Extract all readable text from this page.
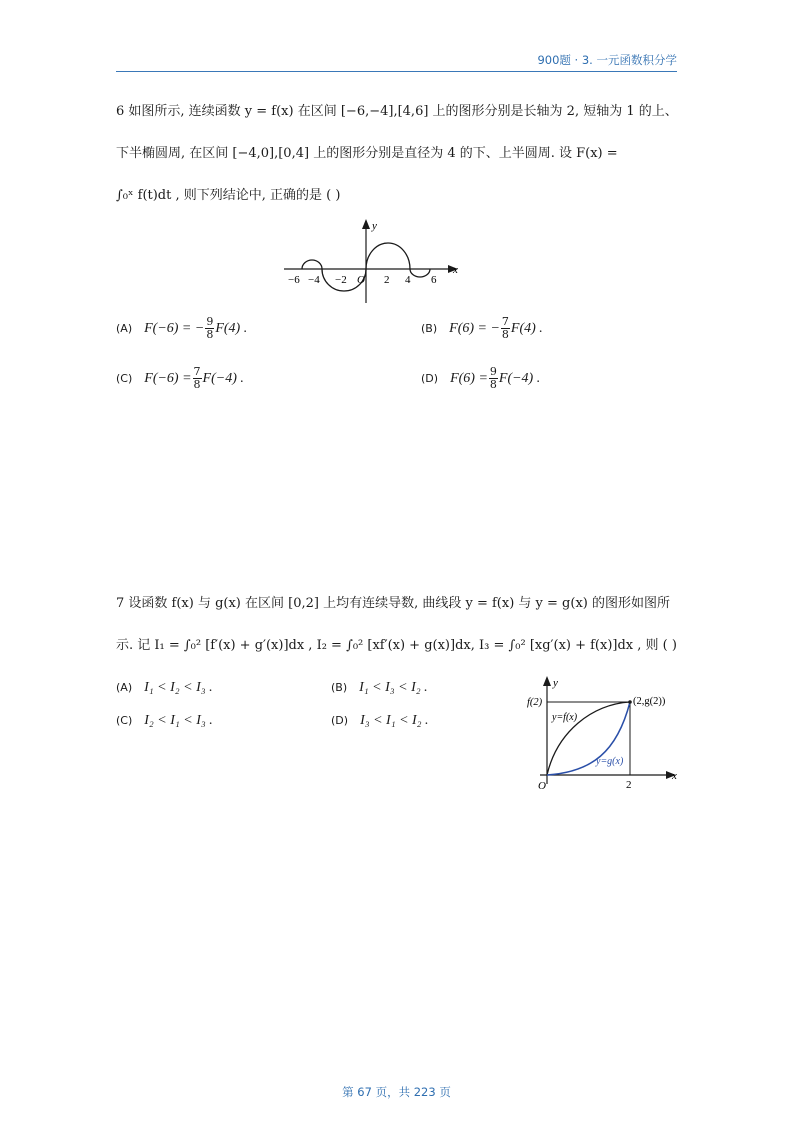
900题 · 3. 一元函数积分学
6 如图所示, 连续函数 y = f(x) 在区间 [−6,−4],[4,6] 上的图形分别是长轴为 2, 短轴为 1 的上、
下半椭圆周, 在区间 [−4,0],[0,4] 上的图形分别是直径为 4 的下、上半圆周. 设 F(x) =
∫₀ˣ f(t)dt , 则下列结论中, 正确的是 ( )
y
x
O
−6 −4 −2	2 4 6
(A) F(−6) = − $\frac{9}{8} F(4)$ .	(B) F(6) = − $\frac{7}{8} F(4)$ .
(C) $F(-6) = \frac{7}{8} F(-4)$ .	(D) $F(6) = \frac{9}{8} F(-4)$ .
7 设函数 f(x) 与 g(x) 在区间 [0,2] 上均有连续导数, 曲线段 y = f(x) 与 y = g(x) 的图形如图所
示. 记 I₁ = ∫₀² [f′(x) + g′(x)]dx , I₂ = ∫₀² [xf′(x) + g(x)]dx, I₃ = ∫₀² [xg′(x) + f(x)]dx , 则 ( )
(A) I₁ < I₂ < I₃ .	(B) I₁ < I₃ < I₂ .
(C) I₂ < I₁ < I₃ .	(D) I₃ < I₁ < I₂ .
y
x
O
f(2)	(2,g(2))
2
y=f(x)
y=g(x)
第 67 页，共 223 页
